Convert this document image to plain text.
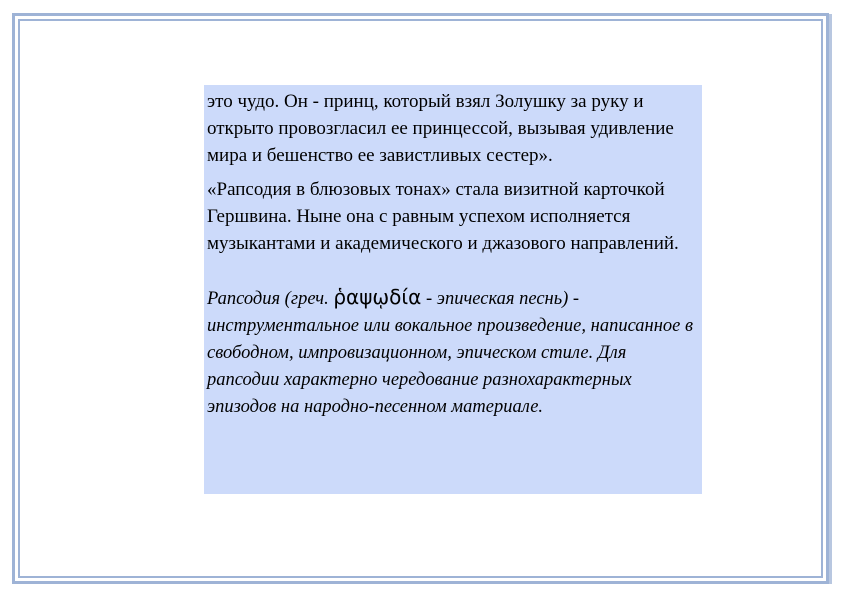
это чудо. Он - принц, который взял Золушку за руку и открыто провозгласил ее принцессой, вызывая удивление мира и бешенство ее завистливых сестер».

«Рапсодия в блюзовых тонах» стала визитной карточкой Гершвина. Ныне она с равным успехом исполняется музыкантами и академического и джазового направлений.

Рапсодия (греч. ῥαψῳδία - эпическая песнь) - инструментальное или вокальное произведение, написанное в свободном, импровизационном, эпическом стиле. Для рапсодии характерно чередование разнохарактерных эпизодов на народно-песенном материале.
